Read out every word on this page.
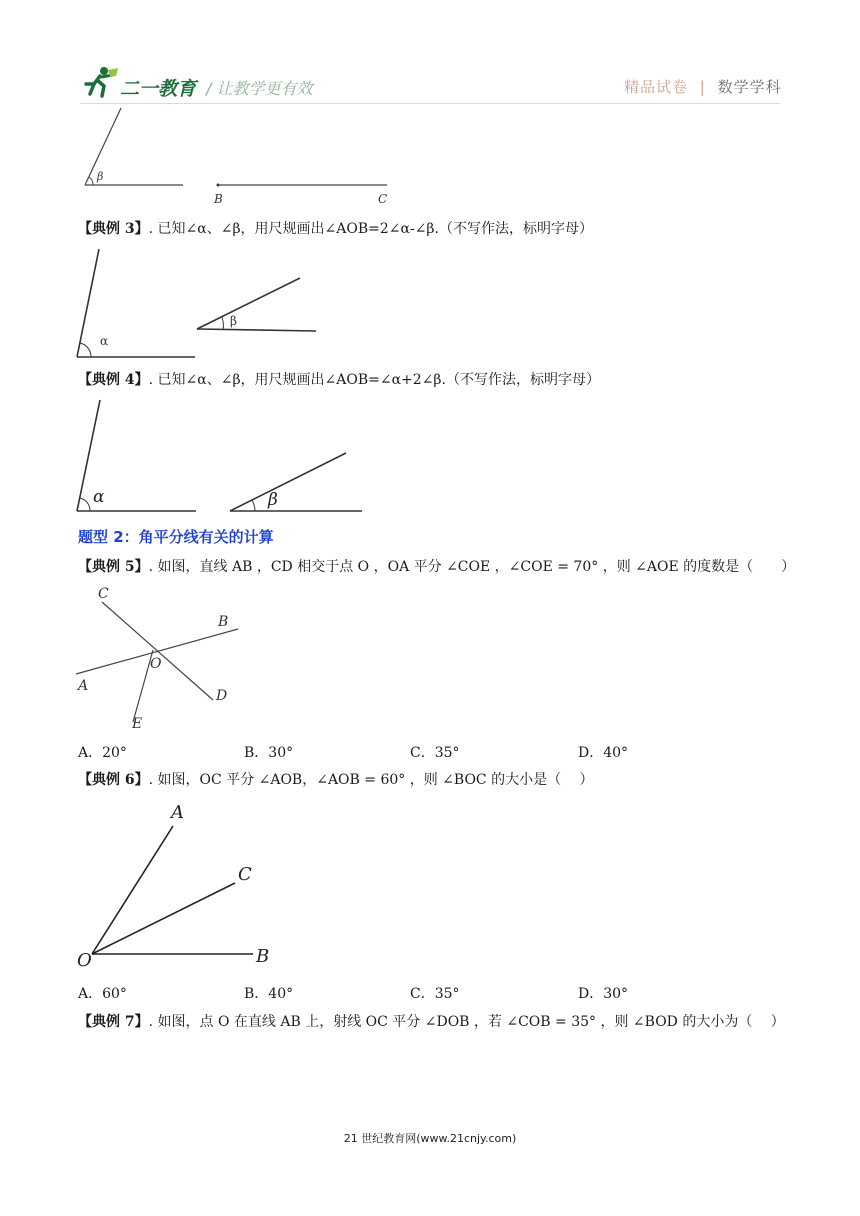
二一教育 / 让教学更有效	精品试卷 | 数学学科
β
B	C
【典例 3】. 已知∠α、∠β，用尺规画出∠AOB=2∠α-∠β.（不写作法，标明字母）
α
β
【典例 4】. 已知∠α、∠β，用尺规画出∠AOB=∠α+2∠β.（不写作法，标明字母）
α	β
题型 2：角平分线有关的计算
【典例 5】. 如图，直线 AB ，CD 相交于点 O ，OA 平分 ∠COE ，∠COE = 70° ，则 ∠AOE 的度数是（　　）
C
B
O
A
D
E
A．20°	B．30°	C．35°	D．40°
【典例 6】. 如图，OC 平分 ∠AOB，∠AOB = 60° ，则 ∠BOC 的大小是（　 ）
A
C
O	B
A．60°	B．40°	C．35°	D．30°
【典例 7】. 如图，点 O 在直线 AB 上，射线 OC 平分 ∠DOB ，若 ∠COB = 35° ，则 ∠BOD 的大小为（　 ）
21 世纪教育网(www.21cnjy.com)
